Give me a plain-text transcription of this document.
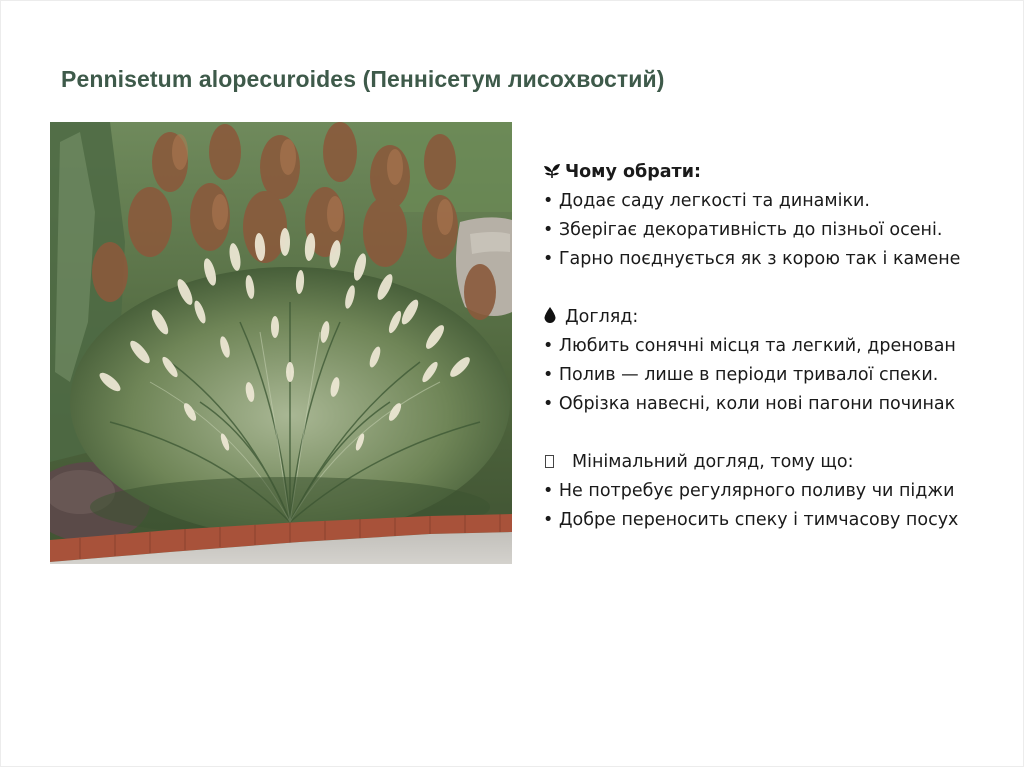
Pennisetum alopecuroides (Пеннісетум лисохвостий)
Чому обрати:
• Додає саду легкості та динаміки.
• Зберігає декоративність до пізньої осені.
• Гарно поєднується як з корою так і камене
Догляд:
• Любить сонячні місця та легкий, дренован
• Полив — лише в періоди тривалої спеки.
• Обрізка навесні, коли нові пагони починак
Мінімальний догляд, тому що:
• Не потребує регулярного поливу чи піджи
• Добре переносить спеку і тимчасову посух
